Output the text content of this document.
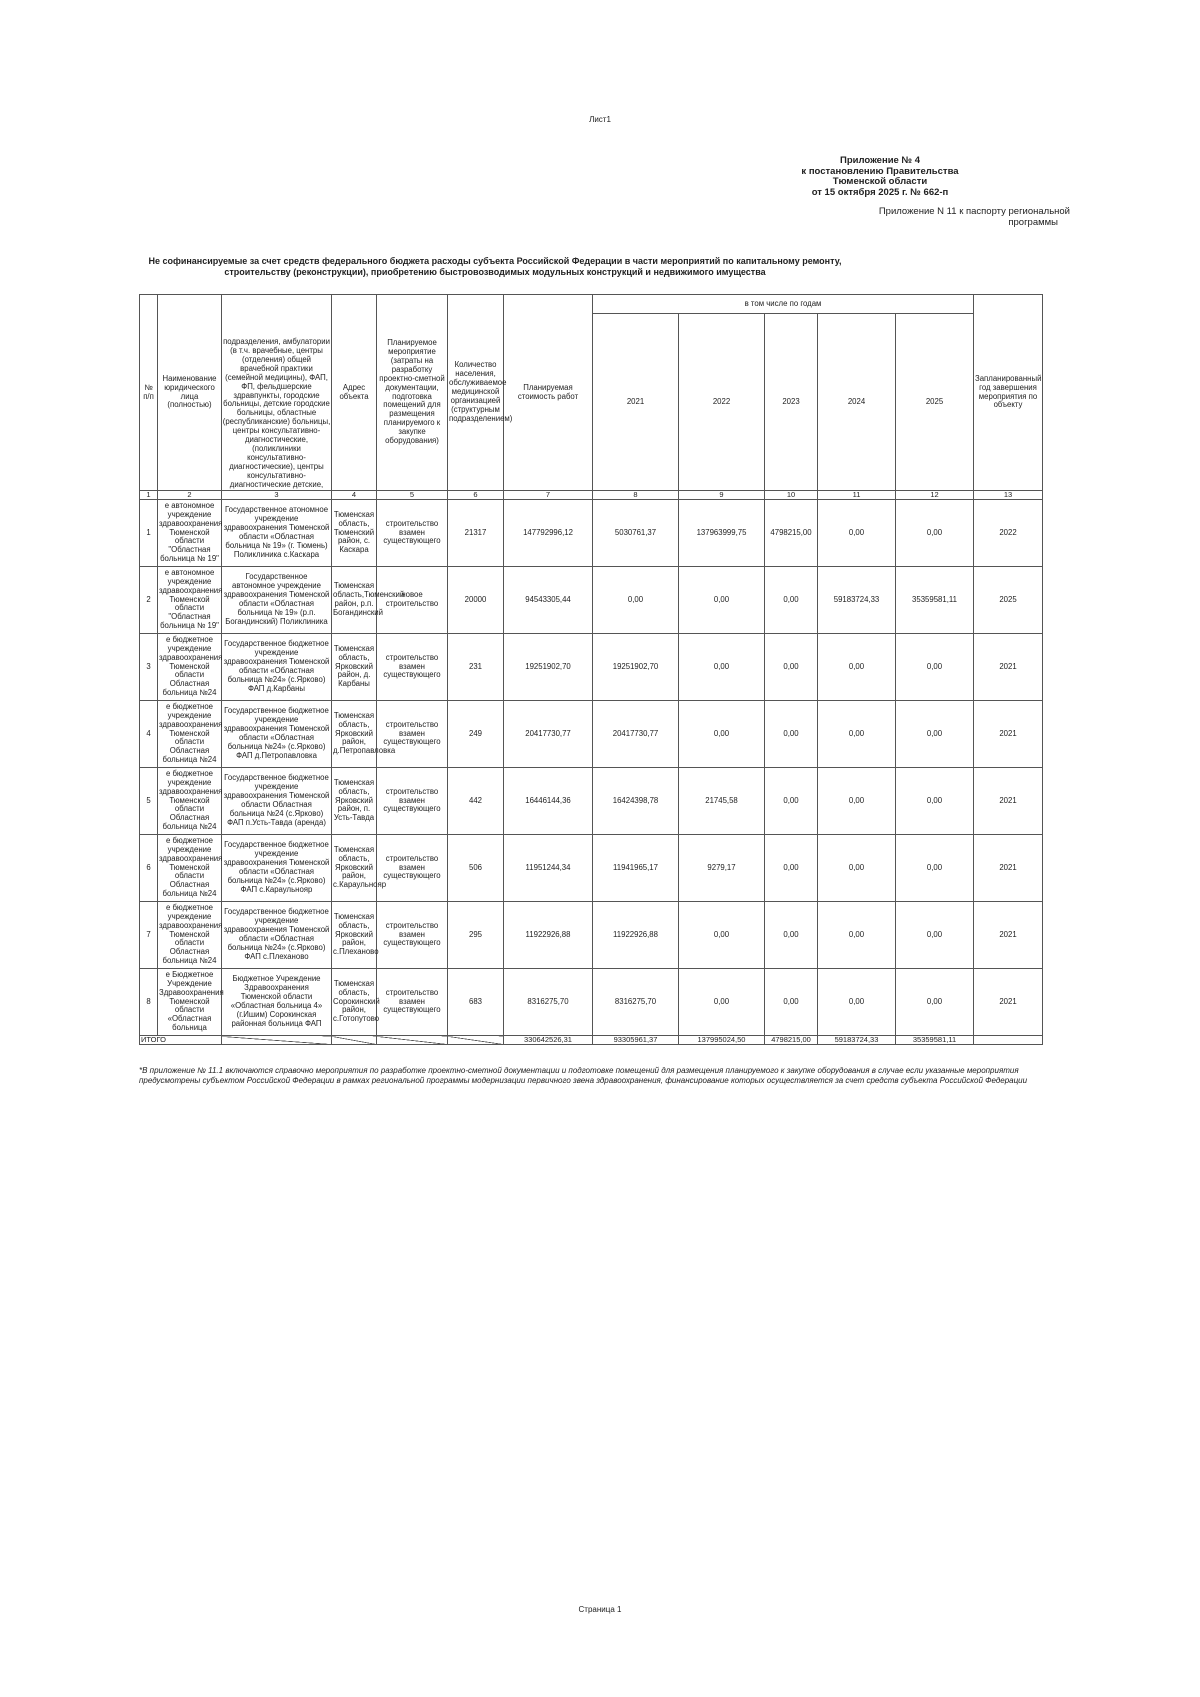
Лист1
Приложение № 4
к постановлению Правительства
Тюменской области
от 15 октября 2025 г. № 662-п
Приложение N 11 к паспорту региональной
программы
Не софинансируемые за счет средств федерального бюджета расходы субъекта Российской Федерации в части мероприятий по капитальному ремонту,
строительству (реконструкции), приобретению быстровозводимых модульных конструкций и недвижимого имущества
№ п/п	Наименование юридического лица (полностью)	подразделения, амбулатории (в т.ч. врачебные, центры (отделения) общей врачебной практики (семейной медицины), ФАП, ФП, фельдшерские здравпункты, городские больницы, детские городские больницы, областные (республиканские) больницы, центры консультативно-диагностические, (поликлиники консультативно-диагностические), центры консультативно-диагностические детские,	Адрес объекта	Планируемое мероприятие (затраты на разработку проектно-сметной документации, подготовка помещений для размещения планируемого к закупке оборудования)	Количество населения, обслуживаемое медицинской организацией (структурным подразделением)	Планируемая стоимость работ	в том числе по годам					Запланированный год завершения мероприятия по объекту
							2021	2022	2023	2024	2025	
1	2	3	4	5	6	7	8	9	10	11	12	13
1	е автономное учреждение здравоохранения Тюменской области "Областная больница № 19"	Государственное атономное учреждение здравоохранения Тюменской области «Областная больница № 19» (г. Тюмень) Поликлиника с.Каскара	Тюменская область, Тюменский район, с. Каскара	строительство взамен существующего	21317	147792996,12	5030761,37	137963999,75	4798215,00	0,00	0,00	2022
2	е автономное учреждение здравоохранения Тюменской области "Областная больница № 19"	Государственное автономное учреждение здравоохранения Тюменской области «Областная больница № 19» (р.п. Богандинский) Поликлиника	Тюменская область,Тюменский район, р.п. Богандинский	новое строительство	20000	94543305,44	0,00	0,00	0,00	59183724,33	35359581,11	2025
3	е бюджетное учреждение здравоохранения Тюменской области Областная больница №24	Государственное бюджетное учреждение здравоохранения Тюменской области «Областная больница №24» (с.Ярково) ФАП д.Карбаны	Тюменская область, Ярковский район, д. Карбаны	строительство взамен существующего	231	19251902,70	19251902,70	0,00	0,00	0,00	0,00	2021
4	е бюджетное учреждение здравоохранения Тюменской области Областная больница №24	Государственное бюджетное учреждение здравоохранения Тюменской области «Областная больница №24» (с.Ярково) ФАП д.Петропавловка	Тюменская область, Ярковский район, д.Петропавловка	строительство взамен существующего	249	20417730,77	20417730,77	0,00	0,00	0,00	0,00	2021
5	е бюджетное учреждение здравоохранения Тюменской области Областная больница №24	Государственное бюджетное учреждение здравоохранения Тюменской области Областная больница №24 (с.Ярково) ФАП п.Усть-Тавда (аренда)	Тюменская область, Ярковский район, п. Усть-Тавда	строительство взамен существующего	442	16446144,36	16424398,78	21745,58	0,00	0,00	0,00	2021
6	е бюджетное учреждение здравоохранения Тюменской области Областная больница №24	Государственное бюджетное учреждение здравоохранения Тюменской области «Областная больница №24» (с.Ярково) ФАП с.Караульнояр	Тюменская область, Ярковский район, с.Караульнояр	строительство взамен существующего	506	11951244,34	11941965,17	9279,17	0,00	0,00	0,00	2021
7	е бюджетное учреждение здравоохранения Тюменской области Областная больница №24	Государственное бюджетное учреждение здравоохранения Тюменской области «Областная больница №24» (с.Ярково) ФАП с.Плеханово	Тюменская область, Ярковский район, с.Плеханово	строительство взамен существующего	295	11922926,88	11922926,88	0,00	0,00	0,00	0,00	2021
8	е Бюджетное Учреждение Здравоохранения Тюменской области «Областная больница	Бюджетное Учреждение Здравоохранения Тюменской области «Областная больница 4» (г.Ишим) Сорокинская районная больница ФАП	Тюменская область, Сорокинский район, с.Готопутово	строительство взамен существующего	683	8316275,70	8316275,70	0,00	0,00	0,00	0,00	2021
ИТОГО						330642526,31	93305961,37	137995024,50	4798215,00	59183724,33	35359581,11	
*В приложение № 11.1 включаются справочно мероприятия по разработке проектно-сметной документации и подготовке помещений для размещения планируемого к закупке оборудования в случае если указанные мероприятия предусмотрены субъектом Российской Федерации в рамках региональной программы модернизации первичного звена здравоохранения, финансирование которых осуществляется за счет средств субъекта Российской Федерации
Страница 1
